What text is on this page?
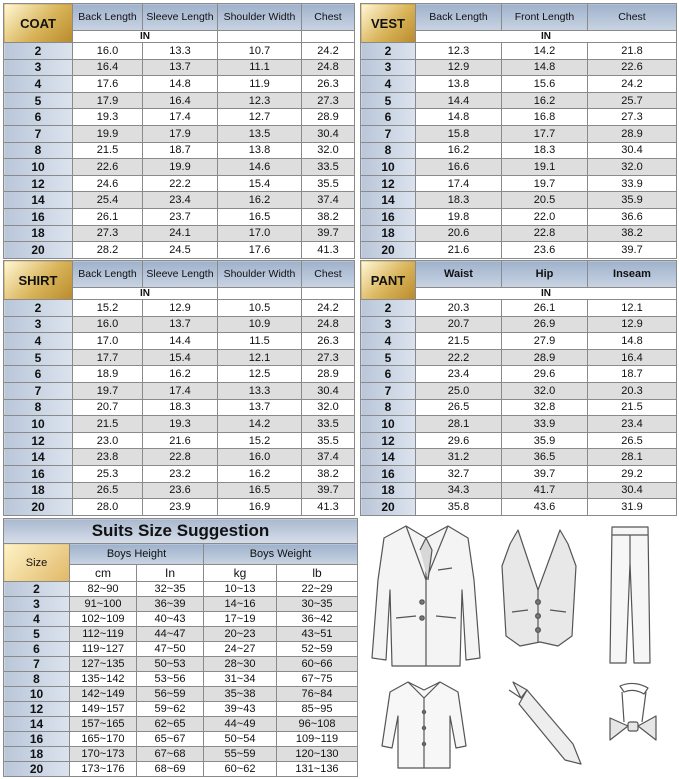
COAT	Back Length	Sleeve Length	Shoulder Width	Chest
	IN			
2	16.0	13.3	10.7	24.2
3	16.4	13.7	11.1	24.8
4	17.6	14.8	11.9	26.3
5	17.9	16.4	12.3	27.3
6	19.3	17.4	12.7	28.9
7	19.9	17.9	13.5	30.4
8	21.5	18.7	13.8	32.0
10	22.6	19.9	14.6	33.5
12	24.6	22.2	15.4	35.5
14	25.4	23.4	16.2	37.4
16	26.1	23.7	16.5	38.2
18	27.3	24.1	17.0	39.7
20	28.2	24.5	17.6	41.3
VEST	Back Length	Front Length	Chest
	IN		
2	12.3	14.2	21.8
3	12.9	14.8	22.6
4	13.8	15.6	24.2
5	14.4	16.2	25.7
6	14.8	16.8	27.3
7	15.8	17.7	28.9
8	16.2	18.3	30.4
10	16.6	19.1	32.0
12	17.4	19.7	33.9
14	18.3	20.5	35.9
16	19.8	22.0	36.6
18	20.6	22.8	38.2
20	21.6	23.6	39.7
SHIRT	Back Length	Sleeve Length	Shoulder Width	Chest
	IN			
2	15.2	12.9	10.5	24.2
3	16.0	13.7	10.9	24.8
4	17.0	14.4	11.5	26.3
5	17.7	15.4	12.1	27.3
6	18.9	16.2	12.5	28.9
7	19.7	17.4	13.3	30.4
8	20.7	18.3	13.7	32.0
10	21.5	19.3	14.2	33.5
12	23.0	21.6	15.2	35.5
14	23.8	22.8	16.0	37.4
16	25.3	23.2	16.2	38.2
18	26.5	23.6	16.5	39.7
20	28.0	23.9	16.9	41.3
PANT	Waist	Hip	Inseam
	IN		
2	20.3	26.1	12.1
3	20.7	26.9	12.9
4	21.5	27.9	14.8
5	22.2	28.9	16.4
6	23.4	29.6	18.7
7	25.0	32.0	20.3
8	26.5	32.8	21.5
10	28.1	33.9	23.4
12	29.6	35.9	26.5
14	31.2	36.5	28.1
16	32.7	39.7	29.2
18	34.3	41.7	30.4
20	35.8	43.6	31.9
Suits Size Suggestion				
Size	Boys Height		Boys Weight	
	cm	In	kg	lb
2	82~90	32~35	10~13	22~29
3	91~100	36~39	14~16	30~35
4	102~109	40~43	17~19	36~42
5	112~119	44~47	20~23	43~51
6	119~127	47~50	24~27	52~59
7	127~135	50~53	28~30	60~66
8	135~142	53~56	31~34	67~75
10	142~149	56~59	35~38	76~84
12	149~157	59~62	39~43	85~95
14	157~165	62~65	44~49	96~108
16	165~170	65~67	50~54	109~119
18	170~173	67~68	55~59	120~130
20	173~176	68~69	60~62	131~136
